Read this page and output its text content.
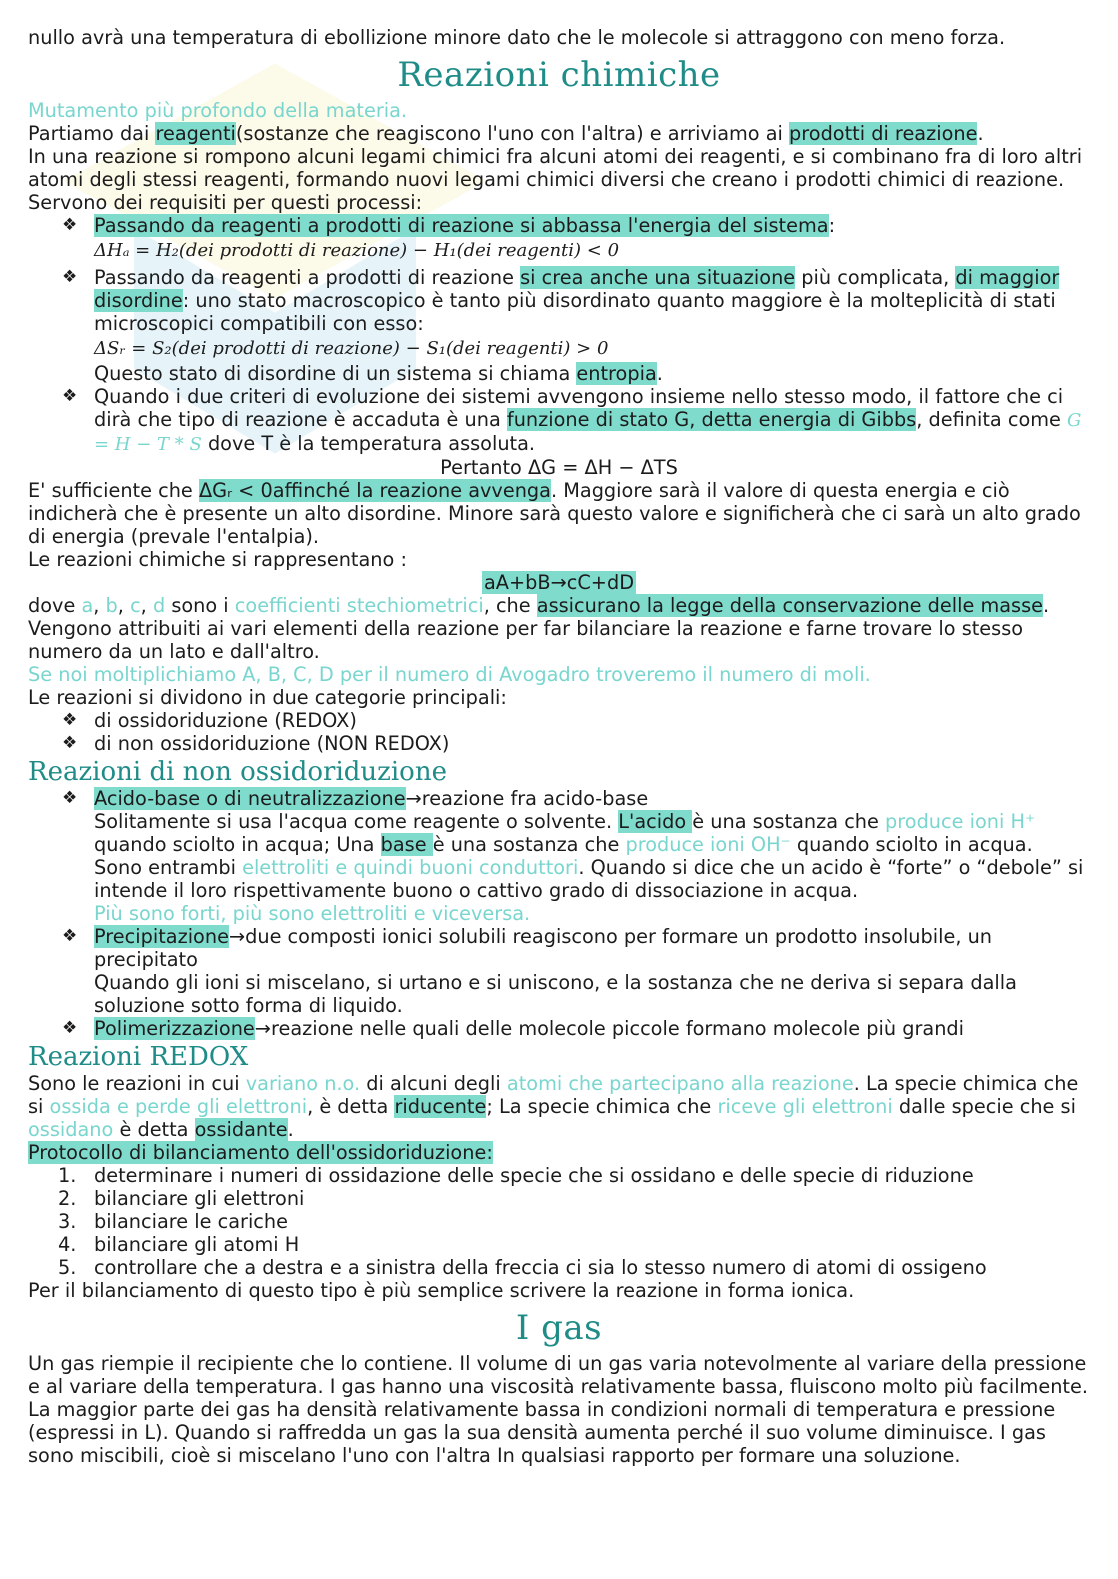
nullo avrà una temperatura di ebollizione minore dato che le molecole si attraggono con meno forza.

Reazioni chimiche

Mutamento più profondo della materia.

Partiamo dai reagenti(sostanze che reagiscono l'uno con l'altra) e arriviamo ai prodotti di reazione.

In una reazione si rompono alcuni legami chimici fra alcuni atomi dei reagenti, e si combinano fra di loro altri atomi degli stessi reagenti, formando nuovi legami chimici diversi che creano i prodotti chimici di reazione. Servono dei requisiti per questi processi:

❖ Passando da reagenti a prodotti di reazione si abbassa l'energia del sistema:
ΔHₐ = H₂(dei prodotti di reazione) − H₁(dei reagenti) < 0
❖ Passando da reagenti a prodotti di reazione si crea anche una situazione più complicata, di maggior disordine: uno stato macroscopico è tanto più disordinato quanto maggiore è la molteplicità di stati microscopici compatibili con esso:
ΔSᵣ = S₂(dei prodotti di reazione) − S₁(dei reagenti) > 0
Questo stato di disordine di un sistema si chiama entropia.
❖ Quando i due criteri di evoluzione dei sistemi avvengono insieme nello stesso modo, il fattore che ci dirà che tipo di reazione è accaduta è una funzione di stato G, detta energia di Gibbs, definita come G = H − T * S dove T è la temperatura assoluta.

Pertanto ΔG = ΔH − ΔTS

E' sufficiente che ΔGᵣ < 0affinché la reazione avvenga. Maggiore sarà il valore di questa energia e ciò indicherà che è presente un alto disordine. Minore sarà questo valore e significherà che ci sarà un alto grado di energia (prevale l'entalpia).

Le reazioni chimiche si rappresentano :

aA+bB→cC+dD

dove a, b, c, d sono i coefficienti stechiometrici, che assicurano la legge della conservazione delle masse. Vengono attribuiti ai vari elementi della reazione per far bilanciare la reazione e farne trovare lo stesso numero da un lato e dall'altro.

Se noi moltiplichiamo A, B, C, D per il numero di Avogadro troveremo il numero di moli.

Le reazioni si dividono in due categorie principali:

❖ di ossidoriduzione (REDOX)
❖ di non ossidoriduzione (NON REDOX)
Reazioni di non ossidoriduzione
❖ Acido-base o di neutralizzazione→reazione fra acido-base
Solitamente si usa l'acqua come reagente o solvente. L'acido è una sostanza che produce ioni H⁺ quando sciolto in acqua; Una base è una sostanza che produce ioni OH⁻ quando sciolto in acqua.
Sono entrambi elettroliti e quindi buoni conduttori. Quando si dice che un acido è “forte” o “debole” si intende il loro rispettivamente buono o cattivo grado di dissociazione in acqua.
Più sono forti, più sono elettroliti e viceversa.
❖ Precipitazione→due composti ionici solubili reagiscono per formare un prodotto insolubile, un precipitato
Quando gli ioni si miscelano, si urtano e si uniscono, e la sostanza che ne deriva si separa dalla soluzione sotto forma di liquido.
❖ Polimerizzazione→reazione nelle quali delle molecole piccole formano molecole più grandi
Reazioni REDOX

Sono le reazioni in cui variano n.o. di alcuni degli atomi che partecipano alla reazione. La specie chimica che si ossida e perde gli elettroni, è detta riducente; La specie chimica che riceve gli elettroni dalle specie che si ossidano è detta ossidante.

Protocollo di bilanciamento dell'ossidoriduzione:

1. determinare i numeri di ossidazione delle specie che si ossidano e delle specie di riduzione
2. bilanciare gli elettroni
3. bilanciare le cariche
4. bilanciare gli atomi H
5. controllare che a destra e a sinistra della freccia ci sia lo stesso numero di atomi di ossigeno

Per il bilanciamento di questo tipo è più semplice scrivere la reazione in forma ionica.

I gas

Un gas riempie il recipiente che lo contiene. Il volume di un gas varia notevolmente al variare della pressione e al variare della temperatura. I gas hanno una viscosità relativamente bassa, fluiscono molto più facilmente. La maggior parte dei gas ha densità relativamente bassa in condizioni normali di temperatura e pressione (espressi in L). Quando si raffredda un gas la sua densità aumenta perché il suo volume diminuisce. I gas sono miscibili, cioè si miscelano l'uno con l'altra In qualsiasi rapporto per formare una soluzione.
